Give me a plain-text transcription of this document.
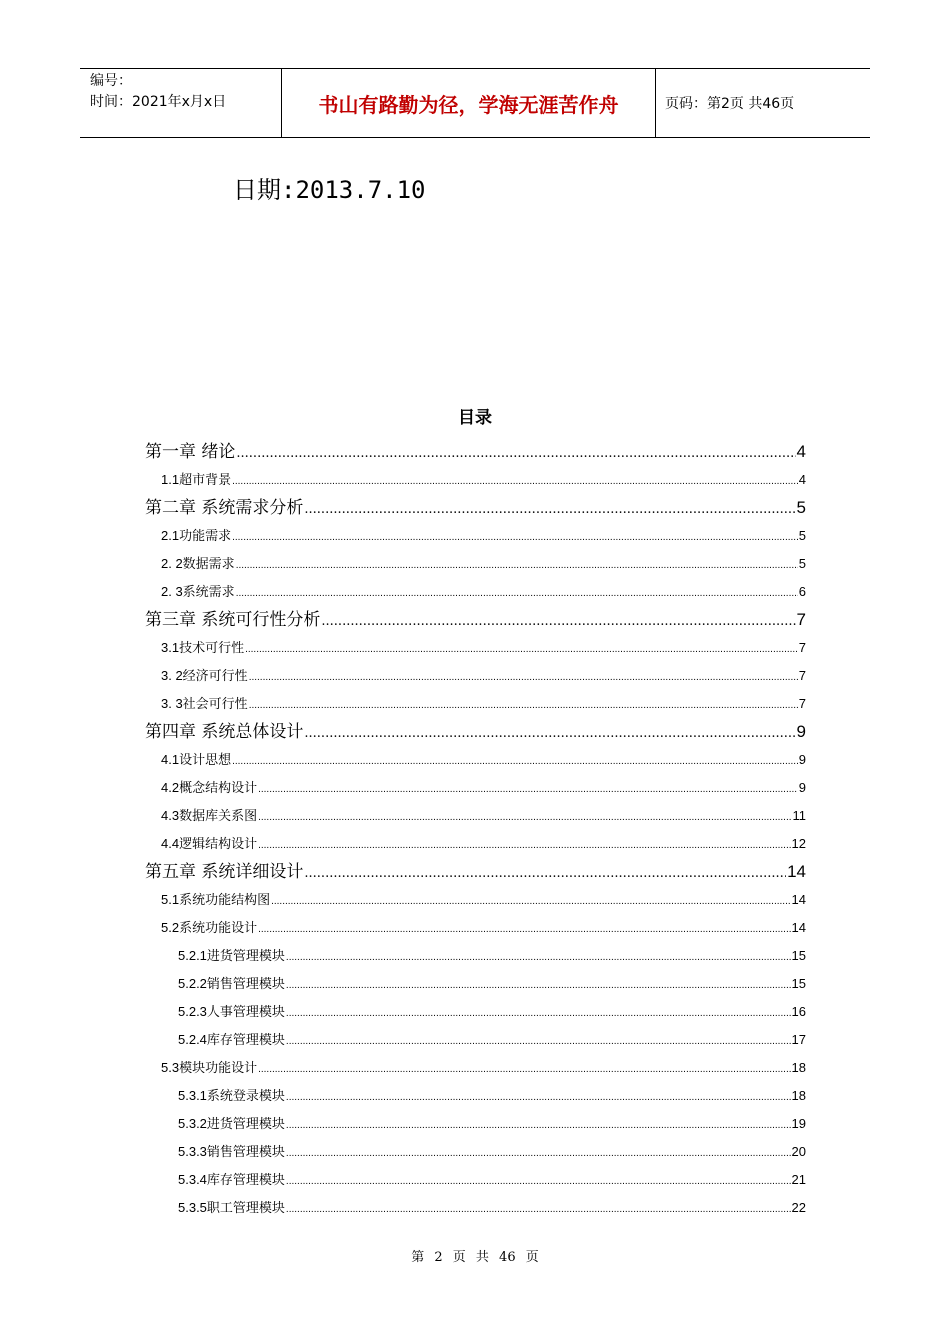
编号：
时间：2021年x月x日	书山有路勤为径，学海无涯苦作舟	页码：第2页 共46页
日期:2013.7.10
目录
第一章 绪论 .....	4
1.1超市背景 .....	4
第二章 系统需求分析 .....	5
2.1功能需求 .....	5
2. 2数据需求 .....	5
2. 3系统需求 .....	6
第三章 系统可行性分析 .....	7
3.1技术可行性 .....	7
3. 2经济可行性 .....	7
3. 3社会可行性 .....	7
第四章 系统总体设计 .....	9
4.1设计思想 .....	9
4.2概念结构设计 .....	9
4.3数据库关系图 .....	11
4.4逻辑结构设计 .....	12
第五章 系统详细设计 .....	14
5.1系统功能结构图 .....	14
5.2系统功能设计 .....	14
5.2.1进货管理模块 .....	15
5.2.2销售管理模块 .....	15
5.2.3人事管理模块 .....	16
5.2.4库存管理模块 .....	17
5.3模块功能设计 .....	18
5.3.1系统登录模块 .....	18
5.3.2进货管理模块 .....	19
5.3.3销售管理模块 .....	20
5.3.4库存管理模块 .....	21
5.3.5职工管理模块 .....	22
第 2 页 共 46 页
